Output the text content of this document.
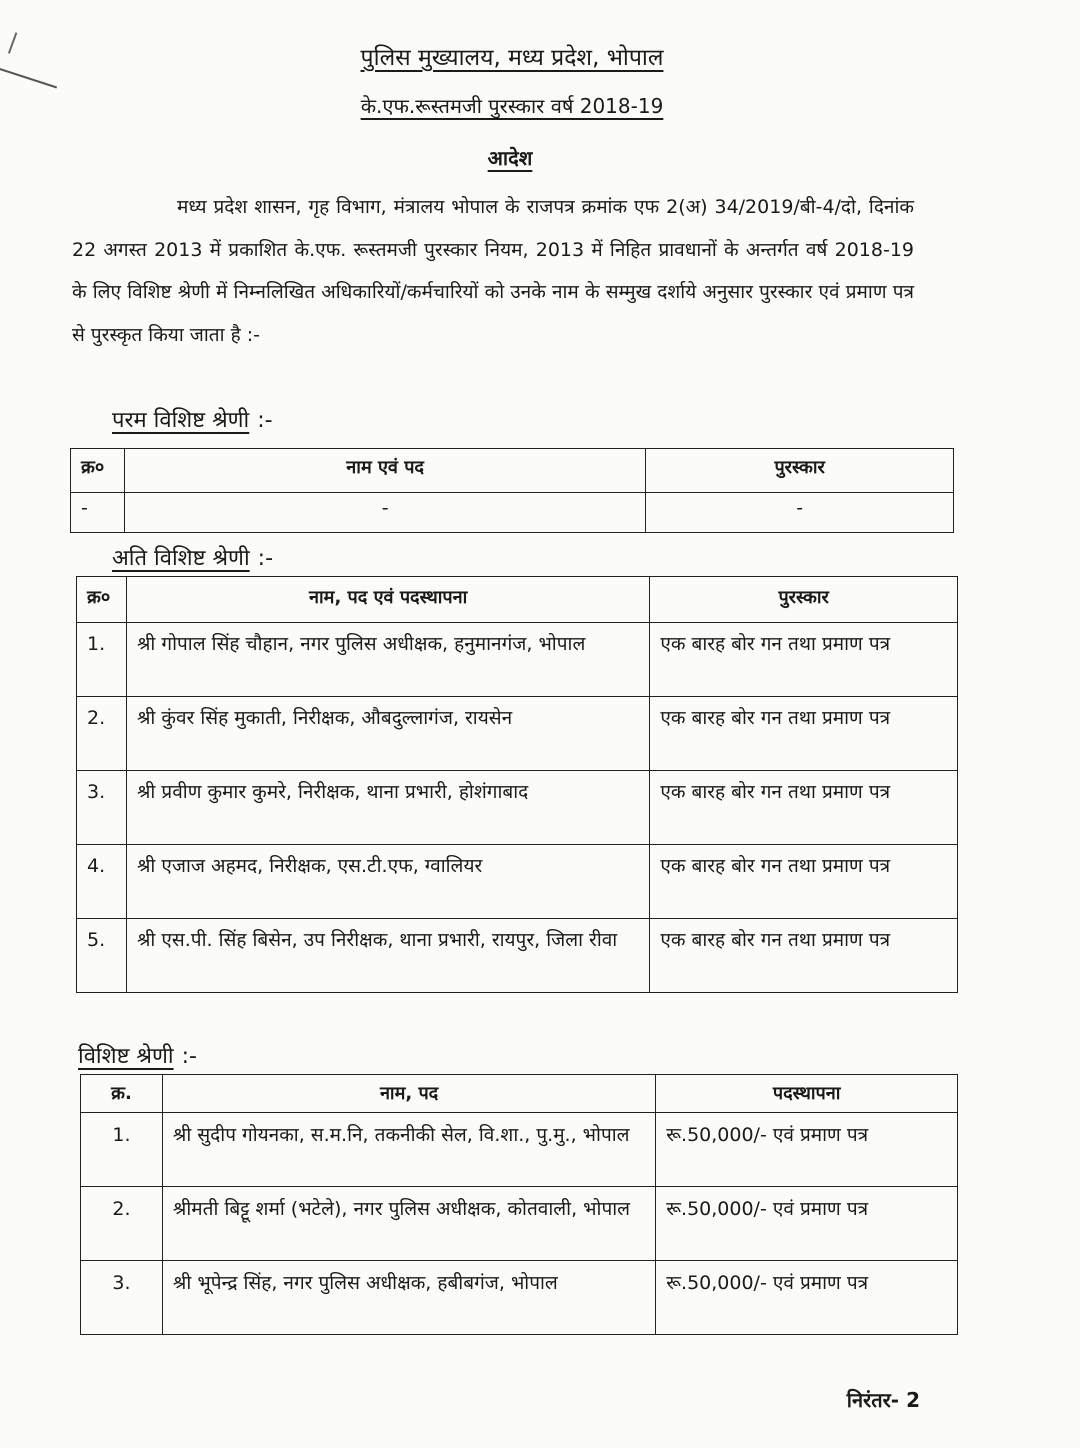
पुलिस मुख्यालय, मध्य प्रदेश, भोपाल
के.एफ.रूस्तमजी पुरस्कार वर्ष 2018-19
आदेश

मध्य प्रदेश शासन, गृह विभाग, मंत्रालय भोपाल के राजपत्र क्रमांक एफ 2(अ) 34/2019/बी-4/दो, दिनांक 22 अगस्त 2013 में प्रकाशित के.एफ. रूस्तमजी पुरस्कार नियम, 2013 में निहित प्रावधानों के अन्तर्गत वर्ष 2018-19 के लिए विशिष्ट श्रेणी में निम्नलिखित अधिकारियों/कर्मचारियों को उनके नाम के सम्मुख दर्शाये अनुसार पुरस्कार एवं प्रमाण पत्र से पुरस्कृत किया जाता है :-

परम विशिष्ट श्रेणी :-
क्र०	नाम एवं पद	पुरस्कार
-	-	-
अति विशिष्ट श्रेणी :-
क्र०	नाम, पद एवं पदस्थापना	पुरस्कार
1.	श्री गोपाल सिंह चौहान, नगर पुलिस अधीक्षक, हनुमानगंज, भोपाल	एक बारह बोर गन तथा प्रमाण पत्र
2.	श्री कुंवर सिंह मुकाती, निरीक्षक, औबदुल्लागंज, रायसेन	एक बारह बोर गन तथा प्रमाण पत्र
3.	श्री प्रवीण कुमार कुमरे, निरीक्षक, थाना प्रभारी, होशंगाबाद	एक बारह बोर गन तथा प्रमाण पत्र
4.	श्री एजाज अहमद, निरीक्षक, एस.टी.एफ, ग्वालियर	एक बारह बोर गन तथा प्रमाण पत्र
5.	श्री एस.पी. सिंह बिसेन, उप निरीक्षक, थाना प्रभारी, रायपुर, जिला रीवा	एक बारह बोर गन तथा प्रमाण पत्र
विशिष्ट श्रेणी :-
क्र.	नाम, पद	पदस्थापना
1.	श्री सुदीप गोयनका, स.म.नि, तकनीकी सेल, वि.शा., पु.मु., भोपाल	रू.50,000/- एवं प्रमाण पत्र
2.	श्रीमती बिट्टू शर्मा (भटेले), नगर पुलिस अधीक्षक, कोतवाली, भोपाल	रू.50,000/- एवं प्रमाण पत्र
3.	श्री भूपेन्द्र सिंह, नगर पुलिस अधीक्षक, हबीबगंज, भोपाल	रू.50,000/- एवं प्रमाण पत्र
निरंतर- 2
